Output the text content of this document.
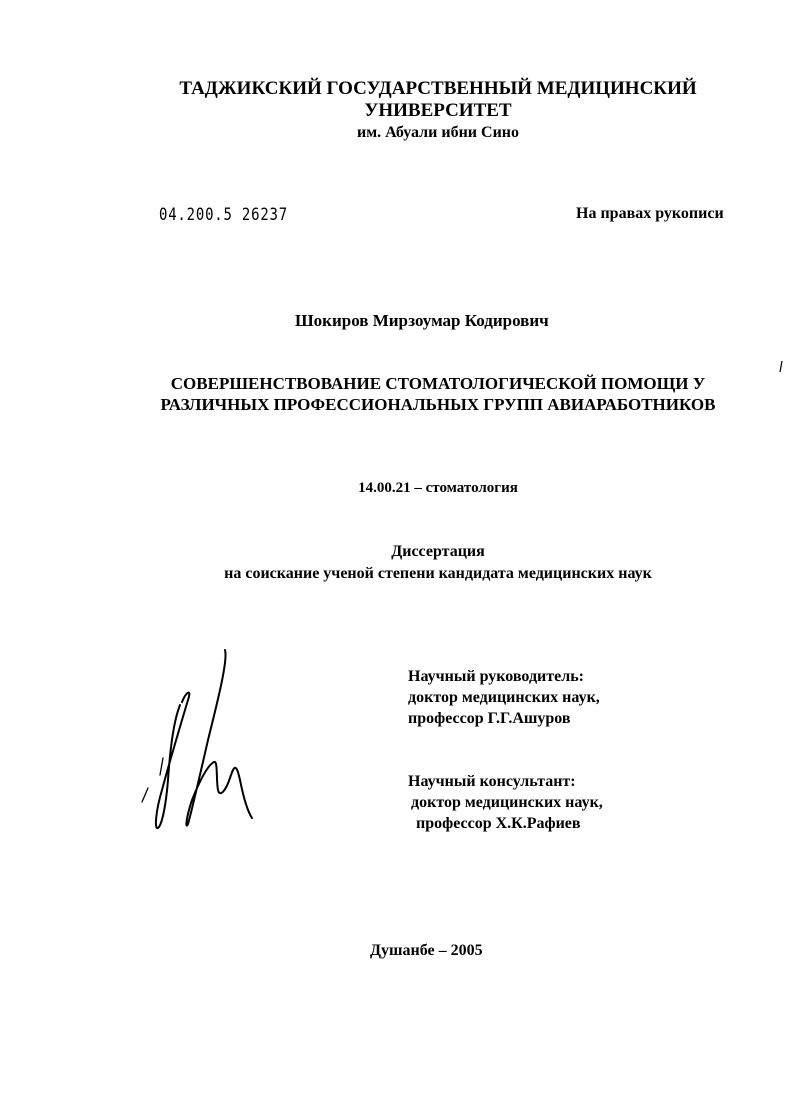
ТАДЖИКСКИЙ ГОСУДАРСТВЕННЫЙ МЕДИЦИНСКИЙ
УНИВЕРСИТЕТ
им. Абуали ибни Сино
04.200.5 26237	На правах рукописи
Шокиров Мирзоумар Кодирович
СОВЕРШЕНСТВОВАНИЕ СТОМАТОЛОГИЧЕСКОЙ ПОМОЩИ У
РАЗЛИЧНЫХ ПРОФЕССИОНАЛЬНЫХ ГРУПП АВИАРАБОТНИКОВ
14.00.21 – стоматология
Диссертация
на соискание ученой степени кандидата медицинских наук
Научный руководитель:
доктор медицинских наук,
профессор Г.Г.Ашуров
Научный консультант:
доктор медицинских наук,
профессор Х.К.Рафиев
Душанбе – 2005
